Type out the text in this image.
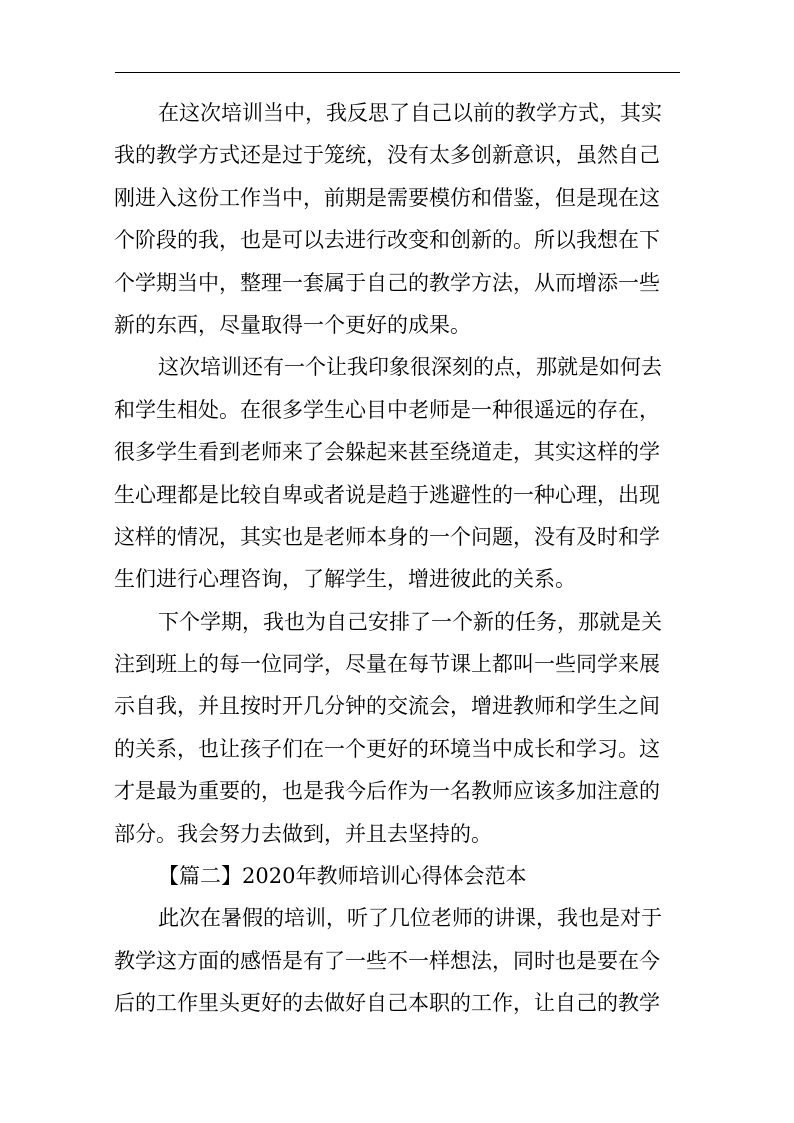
在这次培训当中，我反思了自己以前的教学方式，其实
我的教学方式还是过于笼统，没有太多创新意识，虽然自己
刚进入这份工作当中，前期是需要模仿和借鉴，但是现在这
个阶段的我，也是可以去进行改变和创新的。所以我想在下
个学期当中，整理一套属于自己的教学方法，从而增添一些
新的东西，尽量取得一个更好的成果。
这次培训还有一个让我印象很深刻的点，那就是如何去
和学生相处。在很多学生心目中老师是一种很遥远的存在，
很多学生看到老师来了会躲起来甚至绕道走，其实这样的学
生心理都是比较自卑或者说是趋于逃避性的一种心理，出现
这样的情况，其实也是老师本身的一个问题，没有及时和学
生们进行心理咨询，了解学生，增进彼此的关系。
下个学期，我也为自己安排了一个新的任务，那就是关
注到班上的每一位同学，尽量在每节课上都叫一些同学来展
示自我，并且按时开几分钟的交流会，增进教师和学生之间
的关系，也让孩子们在一个更好的环境当中成长和学习。这
才是最为重要的，也是我今后作为一名教师应该多加注意的
部分。我会努力去做到，并且去坚持的。
【篇二】2020年教师培训心得体会范本
此次在暑假的培训，听了几位老师的讲课，我也是对于
教学这方面的感悟是有了一些不一样想法，同时也是要在今
后的工作里头更好的去做好自己本职的工作，让自己的教学
